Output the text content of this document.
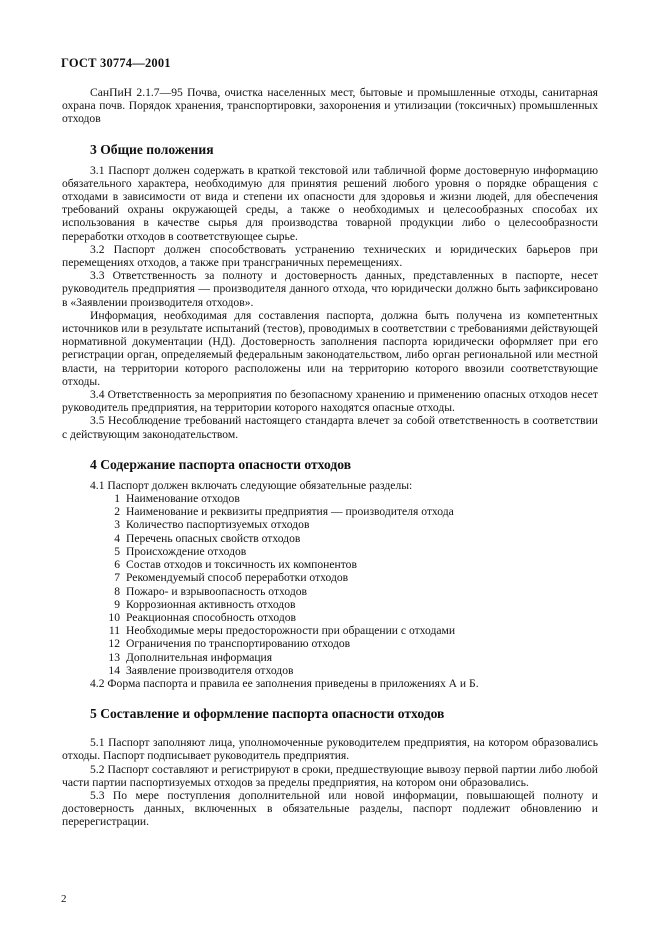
ГОСТ 30774—2001

СанПиН 2.1.7—95 Почва, очистка населенных мест, бытовые и промышленные отходы, санитарная охрана почв. Порядок хранения, транспортировки, захоронения и утилизации (токсичных) промышленных отходов

3 Общие положения

3.1 Паспорт должен содержать в краткой текстовой или табличной форме достоверную информацию обязательного характера, необходимую для принятия решений любого уровня о порядке обращения с отходами в зависимости от вида и степени их опасности для здоровья и жизни людей, для обеспечения требований охраны окружающей среды, а также о необходимых и целесообразных способах их использования в качестве сырья для производства товарной продукции либо о целесообразности переработки отходов в соответствующее сырье.

3.2 Паспорт должен способствовать устранению технических и юридических барьеров при перемещениях отходов, а также при трансграничных перемещениях.

3.3 Ответственность за полноту и достоверность данных, представленных в паспорте, несет руководитель предприятия — производителя данного отхода, что юридически должно быть зафиксировано в «Заявлении производителя отходов».

Информация, необходимая для составления паспорта, должна быть получена из компетентных источников или в результате испытаний (тестов), проводимых в соответствии с требованиями действующей нормативной документации (НД). Достоверность заполнения паспорта юридически оформляет при его регистрации орган, определяемый федеральным законодательством, либо орган региональной или местной власти, на территории которого расположены или на территорию которого ввозили соответствующие отходы.

3.4 Ответственность за мероприятия по безопасному хранению и применению опасных отходов несет руководитель предприятия, на территории которого находятся опасные отходы.

3.5 Несоблюдение требований настоящего стандарта влечет за собой ответственность в соответствии с действующим законодательством.

4 Содержание паспорта опасности отходов

4.1 Паспорт должен включать следующие обязательные разделы:

1 Наименование отходов
2 Наименование и реквизиты предприятия — производителя отхода
3 Количество паспортизуемых отходов
4 Перечень опасных свойств отходов
5 Происхождение отходов
6 Состав отходов и токсичность их компонентов
7 Рекомендуемый способ переработки отходов
8 Пожаро- и взрывоопасность отходов
9 Коррозионная активность отходов
10 Реакционная способность отходов
11 Необходимые меры предосторожности при обращении с отходами
12 Ограничения по транспортированию отходов
13 Дополнительная информация
14 Заявление производителя отходов

4.2 Форма паспорта и правила ее заполнения приведены в приложениях А и Б.

5 Составление и оформление паспорта опасности отходов

5.1 Паспорт заполняют лица, уполномоченные руководителем предприятия, на котором образовались отходы. Паспорт подписывает руководитель предприятия.

5.2 Паспорт составляют и регистрируют в сроки, предшествующие вывозу первой партии либо любой части партии паспортизуемых отходов за пределы предприятия, на котором они образовались.

5.3 По мере поступления дополнительной или новой информации, повышающей полноту и достоверность данных, включенных в обязательные разделы, паспорт подлежит обновлению и перерегистрации.

2
